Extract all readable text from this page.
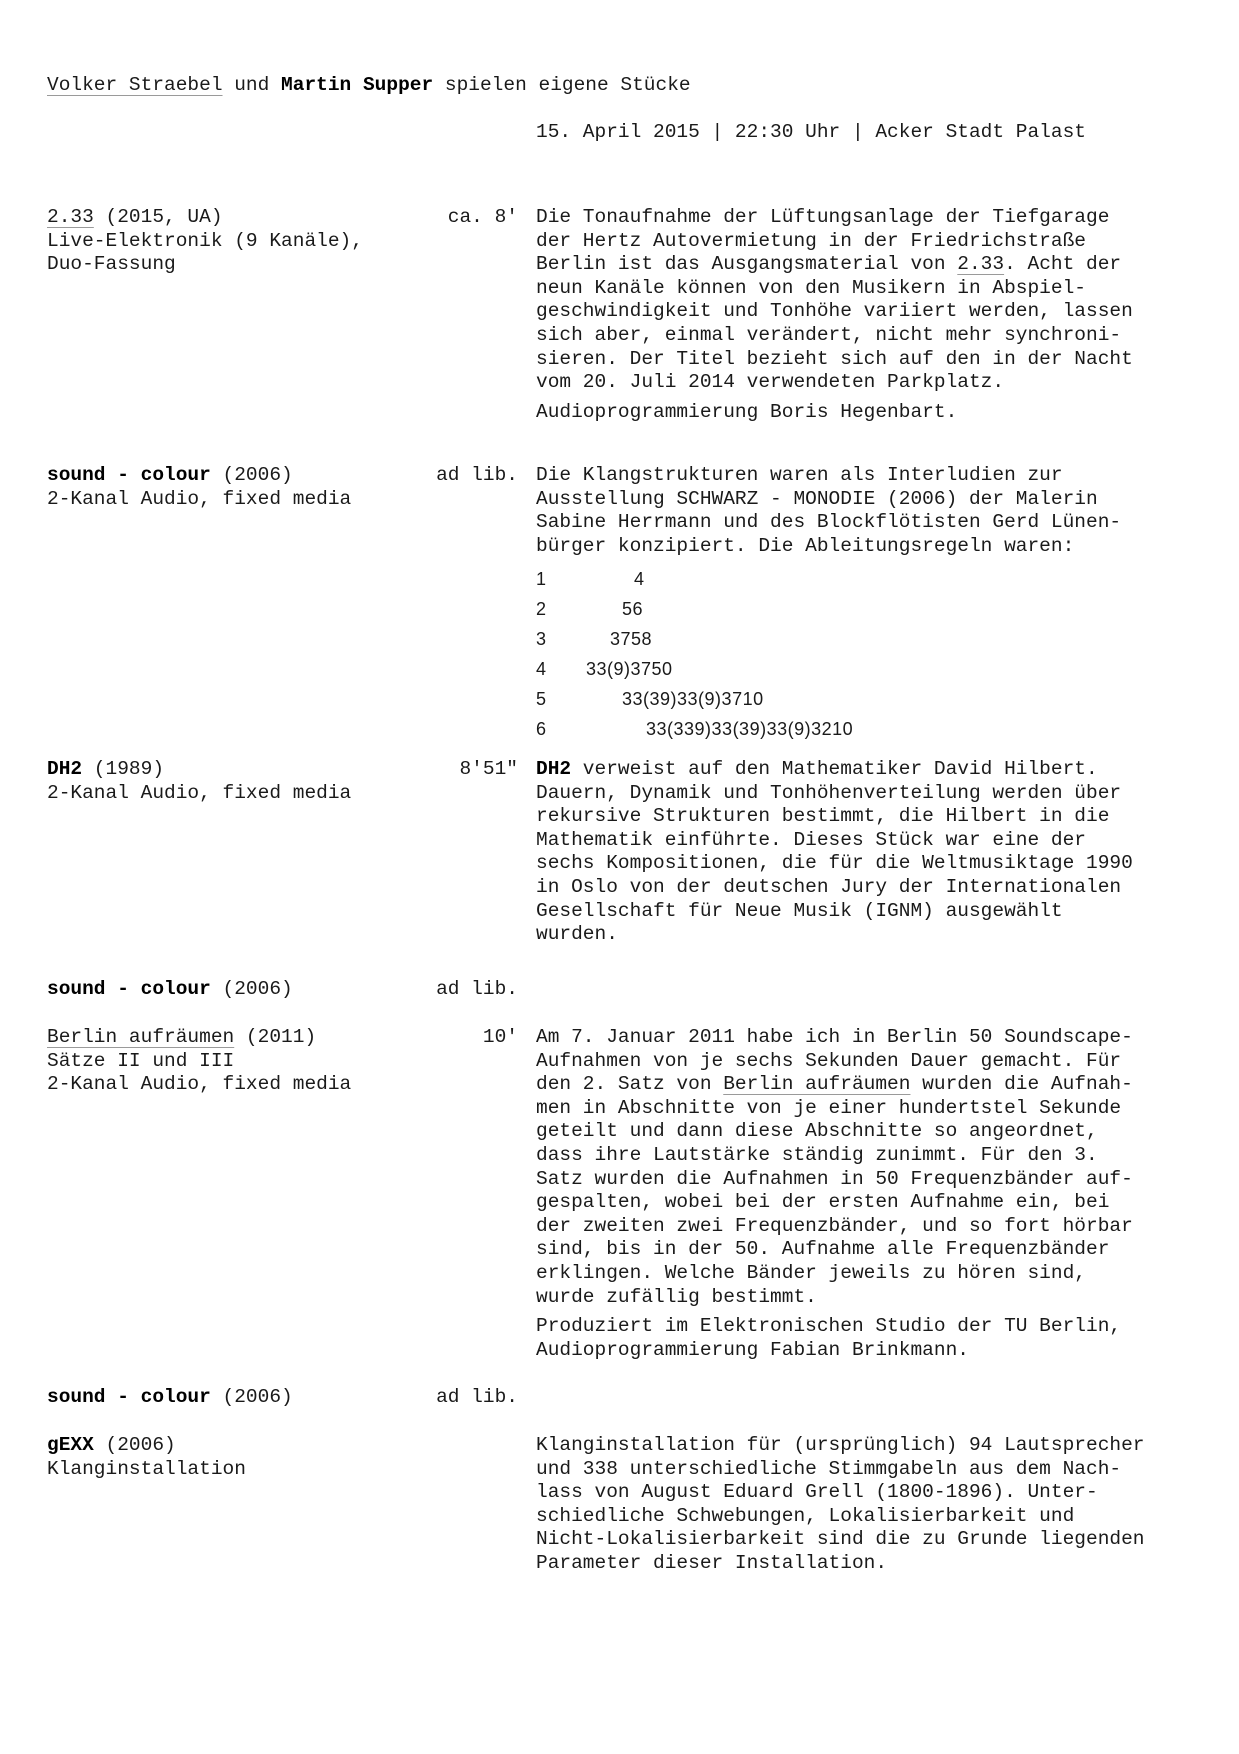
Volker Straebel und Martin Supper spielen eigene Stücke
15. April 2015 | 22:30 Uhr | Acker Stadt Palast
2.33 (2015, UA)
Live-Elektronik (9 Kanäle),
Duo-Fassung
ca. 8' Die Tonaufnahme der Lüftungsanlage der Tiefgarage
der Hertz Autovermietung in der Friedrichstraße
Berlin ist das Ausgangsmaterial von 2.33. Acht der
neun Kanäle können von den Musikern in Abspiel-
geschwindigkeit und Tonhöhe variiert werden, lassen
sich aber, einmal verändert, nicht mehr synchroni-
sieren. Der Titel bezieht sich auf den in der Nacht
vom 20. Juli 2014 verwendeten Parkplatz.
Audioprogrammierung Boris Hegenbart.
sound - colour (2006)
2-Kanal Audio, fixed media
ad lib. Die Klangstrukturen waren als Interludien zur
Ausstellung SCHWARZ - MONODIE (2006) der Malerin
Sabine Herrmann und des Blockflötisten Gerd Lünen-
bürger konzipiert. Die Ableitungsregeln waren:
1	4
2	56
3	3758
4 33(9)3750
5	33(39)33(9)3710
6	33(339)33(39)33(9)3210
DH2 (1989)
2-Kanal Audio, fixed media
8'51" DH2 verweist auf den Mathematiker David Hilbert.
Dauern, Dynamik und Tonhöhenverteilung werden über
rekursive Strukturen bestimmt, die Hilbert in die
Mathematik einführte. Dieses Stück war eine der
sechs Kompositionen, die für die Weltmusiktage 1990
in Oslo von der deutschen Jury der Internationalen
Gesellschaft für Neue Musik (IGNM) ausgewählt
wurden.
sound - colour (2006)	ad lib.
Berlin aufräumen (2011)
Sätze II und III
2-Kanal Audio, fixed media
10' Am 7. Januar 2011 habe ich in Berlin 50 Soundscape-
Aufnahmen von je sechs Sekunden Dauer gemacht. Für
den 2. Satz von Berlin aufräumen wurden die Aufnah-
men in Abschnitte von je einer hundertstel Sekunde
geteilt und dann diese Abschnitte so angeordnet,
dass ihre Lautstärke ständig zunimmt. Für den 3.
Satz wurden die Aufnahmen in 50 Frequenzbänder auf-
gespalten, wobei bei der ersten Aufnahme ein, bei
der zweiten zwei Frequenzbänder, und so fort hörbar
sind, bis in der 50. Aufnahme alle Frequenzbänder
erklingen. Welche Bänder jeweils zu hören sind,
wurde zufällig bestimmt.
Produziert im Elektronischen Studio der TU Berlin,
Audioprogrammierung Fabian Brinkmann.
sound - colour (2006)	ad lib.
gEXX (2006)
Klanginstallation
Klanginstallation für (ursprünglich) 94 Lautsprecher
und 338 unterschiedliche Stimmgabeln aus dem Nach-
lass von August Eduard Grell (1800-1896). Unter-
schiedliche Schwebungen, Lokalisierbarkeit und
Nicht-Lokalisierbarkeit sind die zu Grunde liegenden
Parameter dieser Installation.
